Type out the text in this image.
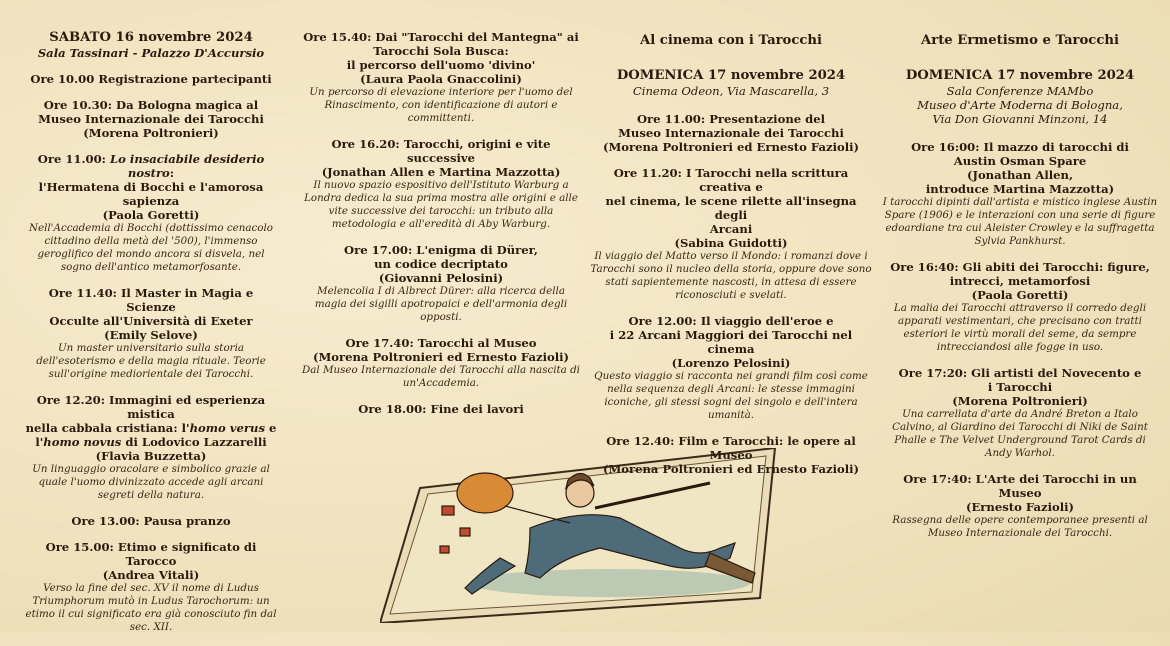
SABATO 16 novembre 2024
Sala Tassinari - Palazzo D'Accursio
Ore 10.00 Registrazione partecipanti
Ore 10.30: Da Bologna magica al
Museo Internazionale dei Tarocchi
(Morena Poltronieri)
Ore 11.00: Lo insaciabile desiderio nostro:
l'Hermatena di Bocchi e l'amorosa sapienza
(Paola Goretti)
Nell'Accademia di Bocchi (dottissimo cenacolo cittadino della metà del '500), l'immenso geroglifico del mondo ancora si disvela, nel sogno dell'antico metamorfosante.
Ore 11.40: Il Master in Magia e Scienze
Occulte all'Università di Exeter
(Emily Selove)
Un master universitario sulla storia dell'esoterismo e della magia rituale. Teorie sull'origine mediorientale dei Tarocchi.
Ore 12.20: Immagini ed esperienza mistica
nella cabbala cristiana: l'homo verus e
l'homo novus di Lodovico Lazzarelli
(Flavia Buzzetta)
Un linguaggio oracolare e simbolico grazie al quale l'uomo divinizzato accede agli arcani segreti della natura.
Ore 13.00: Pausa pranzo
Ore 15.00: Etimo e significato di Tarocco
(Andrea Vitali)
Verso la fine del sec. XV il nome di Ludus Triumphorum mutò in Ludus Tarochorum: un etimo il cui significato era già conosciuto fin dal sec. XII.
Ore 15.40: Dai "Tarocchi del Mantegna" ai
Tarocchi Sola Busca:
il percorso dell'uomo 'divino'
(Laura Paola Gnaccolini)
Un percorso di elevazione interiore per l'uomo del Rinascimento, con identificazione di autori e committenti.
Ore 16.20: Tarocchi, origini e vite successive
(Jonathan Allen e Martina Mazzotta)
Il nuovo spazio espositivo dell'Istituto Warburg a Londra dedica la sua prima mostra alle origini e alle vite successive dei tarocchi: un tributo alla metodologia e all'eredità di Aby Warburg.
Ore 17.00: L'enigma di Dürer,
un codice decriptato
(Giovanni Pelosini)
Melencolia I di Albrect Dürer: alla ricerca della magia dei sigilli apotropaici e dell'armonia degli opposti.
Ore 17.40: Tarocchi al Museo
(Morena Poltronieri ed Ernesto Fazioli)
Dal Museo Internazionale dei Tarocchi alla nascita di un'Accademia.
Ore 18.00: Fine dei lavori
Al cinema con i Tarocchi
DOMENICA 17 novembre 2024
Cinema Odeon, Via Mascarella, 3
Ore 11.00: Presentazione del
Museo Internazionale dei Tarocchi
(Morena Poltronieri ed Ernesto Fazioli)
Ore 11.20: I Tarocchi nella scrittura creativa e
nel cinema, le scene rilette all'insegna degli
Arcani
(Sabina Guidotti)
Il viaggio del Matto verso il Mondo: i romanzi dove i Tarocchi sono il nucleo della storia, oppure dove sono stati sapientemente nascosti, in attesa di essere riconosciuti e svelati.
Ore 12.00: Il viaggio dell'eroe e
i 22 Arcani Maggiori dei Tarocchi nel cinema
(Lorenzo Pelosini)
Questo viaggio si racconta nei grandi film così come nella sequenza degli Arcani: le stesse immagini iconiche, gli stessi sogni del singolo e dell'intera umanità.
Ore 12.40: Film e Tarocchi: le opere al Museo
(Morena Poltronieri ed Ernesto Fazioli)
Arte Ermetismo e Tarocchi
DOMENICA 17 novembre 2024
Sala Conferenze MAMbo
Museo d'Arte Moderna di Bologna,
Via Don Giovanni Minzoni, 14
Ore 16:00: Il mazzo di tarocchi di
Austin Osman Spare
(Jonathan Allen,
introduce Martina Mazzotta)
I tarocchi dipinti dall'artista e mistico inglese Austin Spare (1906) e le interazioni con una serie di figure edoardiane tra cui Aleister Crowley e la suffragetta Sylvia Pankhurst.
Ore 16:40: Gli abiti dei Tarocchi: figure,
intrecci, metamorfosi
(Paola Goretti)
La malia dei Tarocchi attraverso il corredo degli apparati vestimentari, che precisano con tratti esteriori le virtù morali del seme, da sempre intrecciandosi alle fogge in uso.
Ore 17:20: Gli artisti del Novecento e
i Tarocchi
(Morena Poltronieri)
Una carrellata d'arte da André Breton a Italo Calvino, al Giardino dei Tarocchi di Niki de Saint Phalle e The Velvet Underground Tarot Cards di Andy Warhol.
Ore 17:40: L'Arte dei Tarocchi in un Museo
(Ernesto Fazioli)
Rassegna delle opere contemporanee presenti al Museo Internazionale dei Tarocchi.
